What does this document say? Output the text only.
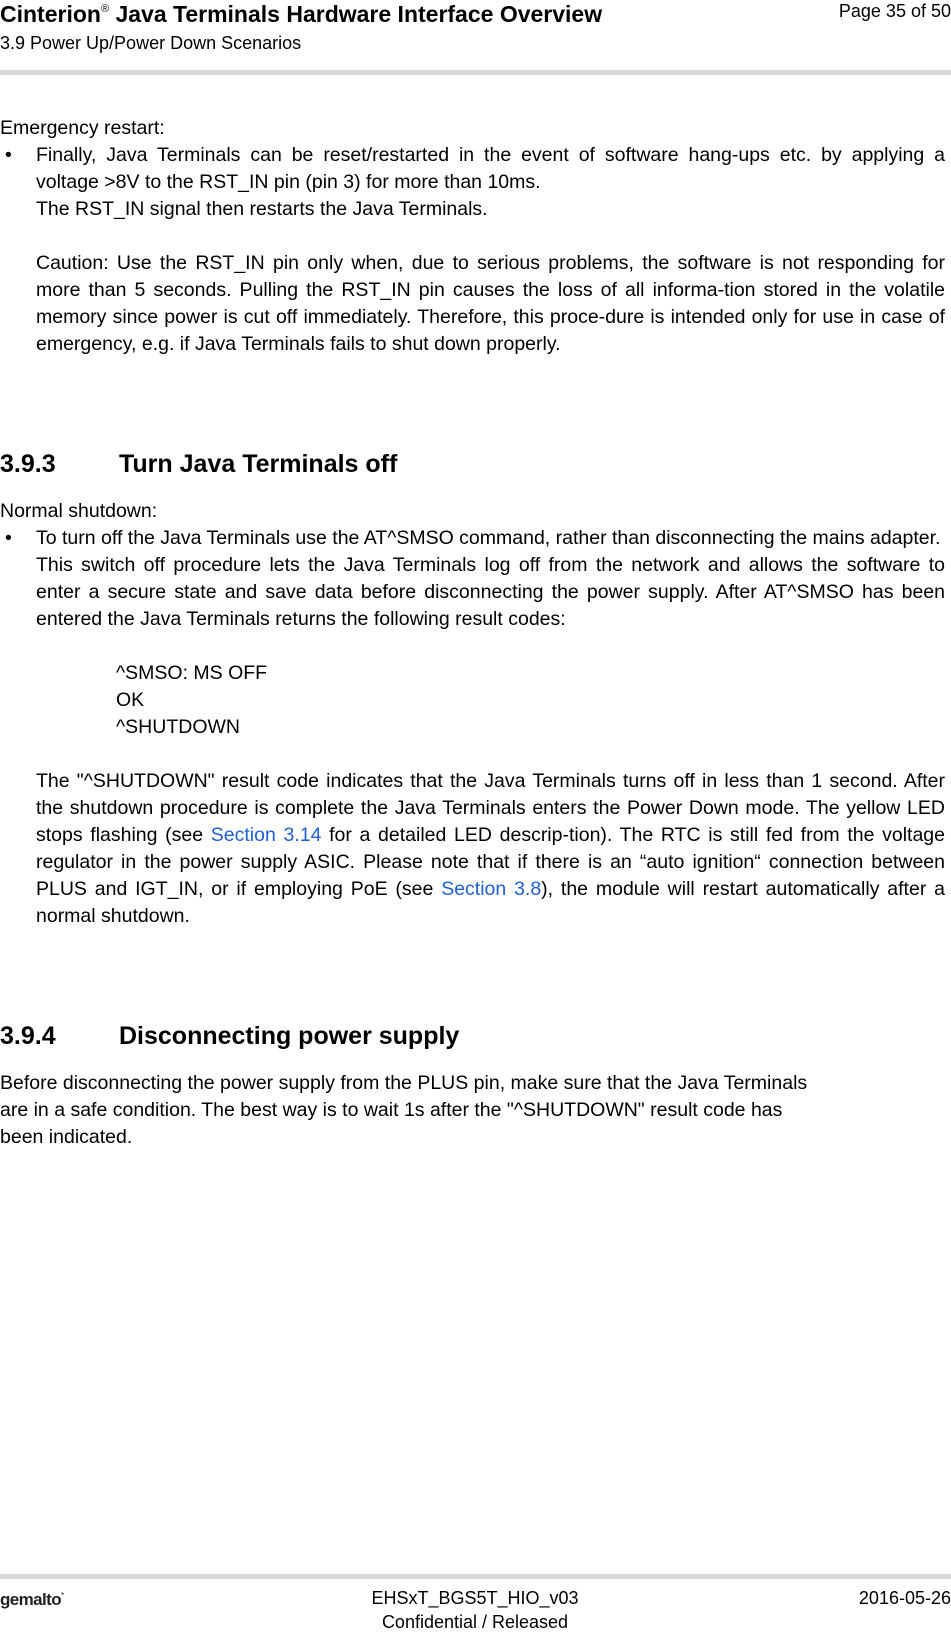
Cinterion® Java Terminals Hardware Interface Overview
3.9 Power Up/Power Down Scenarios
Page 35 of 50

Emergency restart:

• Finally, Java Terminals can be reset/restarted in the event of software hang-ups etc. by applying a voltage >8V to the RST_IN pin (pin 3) for more than 10ms.

The RST_IN signal then restarts the Java Terminals.

Caution: Use the RST_IN pin only when, due to serious problems, the software is not responding for more than 5 seconds. Pulling the RST_IN pin causes the loss of all informa-tion stored in the volatile memory since power is cut off immediately. Therefore, this proce-dure is intended only for use in case of emergency, e.g. if Java Terminals fails to shut down properly.

3.9.3	Turn Java Terminals off

Normal shutdown:

• To turn off the Java Terminals use the AT^SMSO command, rather than disconnecting the mains adapter.

This switch off procedure lets the Java Terminals log off from the network and allows the software to enter a secure state and save data before disconnecting the power supply. After AT^SMSO has been entered the Java Terminals returns the following result codes:

^SMSO: MS OFF

OK

^SHUTDOWN

The "^SHUTDOWN" result code indicates that the Java Terminals turns off in less than 1 second. After the shutdown procedure is complete the Java Terminals enters the Power Down mode. The yellow LED stops flashing (see Section 3.14 for a detailed LED descrip-tion). The RTC is still fed from the voltage regulator in the power supply ASIC. Please note that if there is an “auto ignition“ connection between PLUS and IGT_IN, or if employing PoE (see Section 3.8), the module will restart automatically after a normal shutdown.

3.9.4	Disconnecting power supply

Before disconnecting the power supply from the PLUS pin, make sure that the Java Terminals

are in a safe condition. The best way is to wait 1s after the "^SHUTDOWN" result code has

been indicated.

gemalto*	EHSxT_BGS5T_HIO_v03
Confidential / Released
2016-05-26
